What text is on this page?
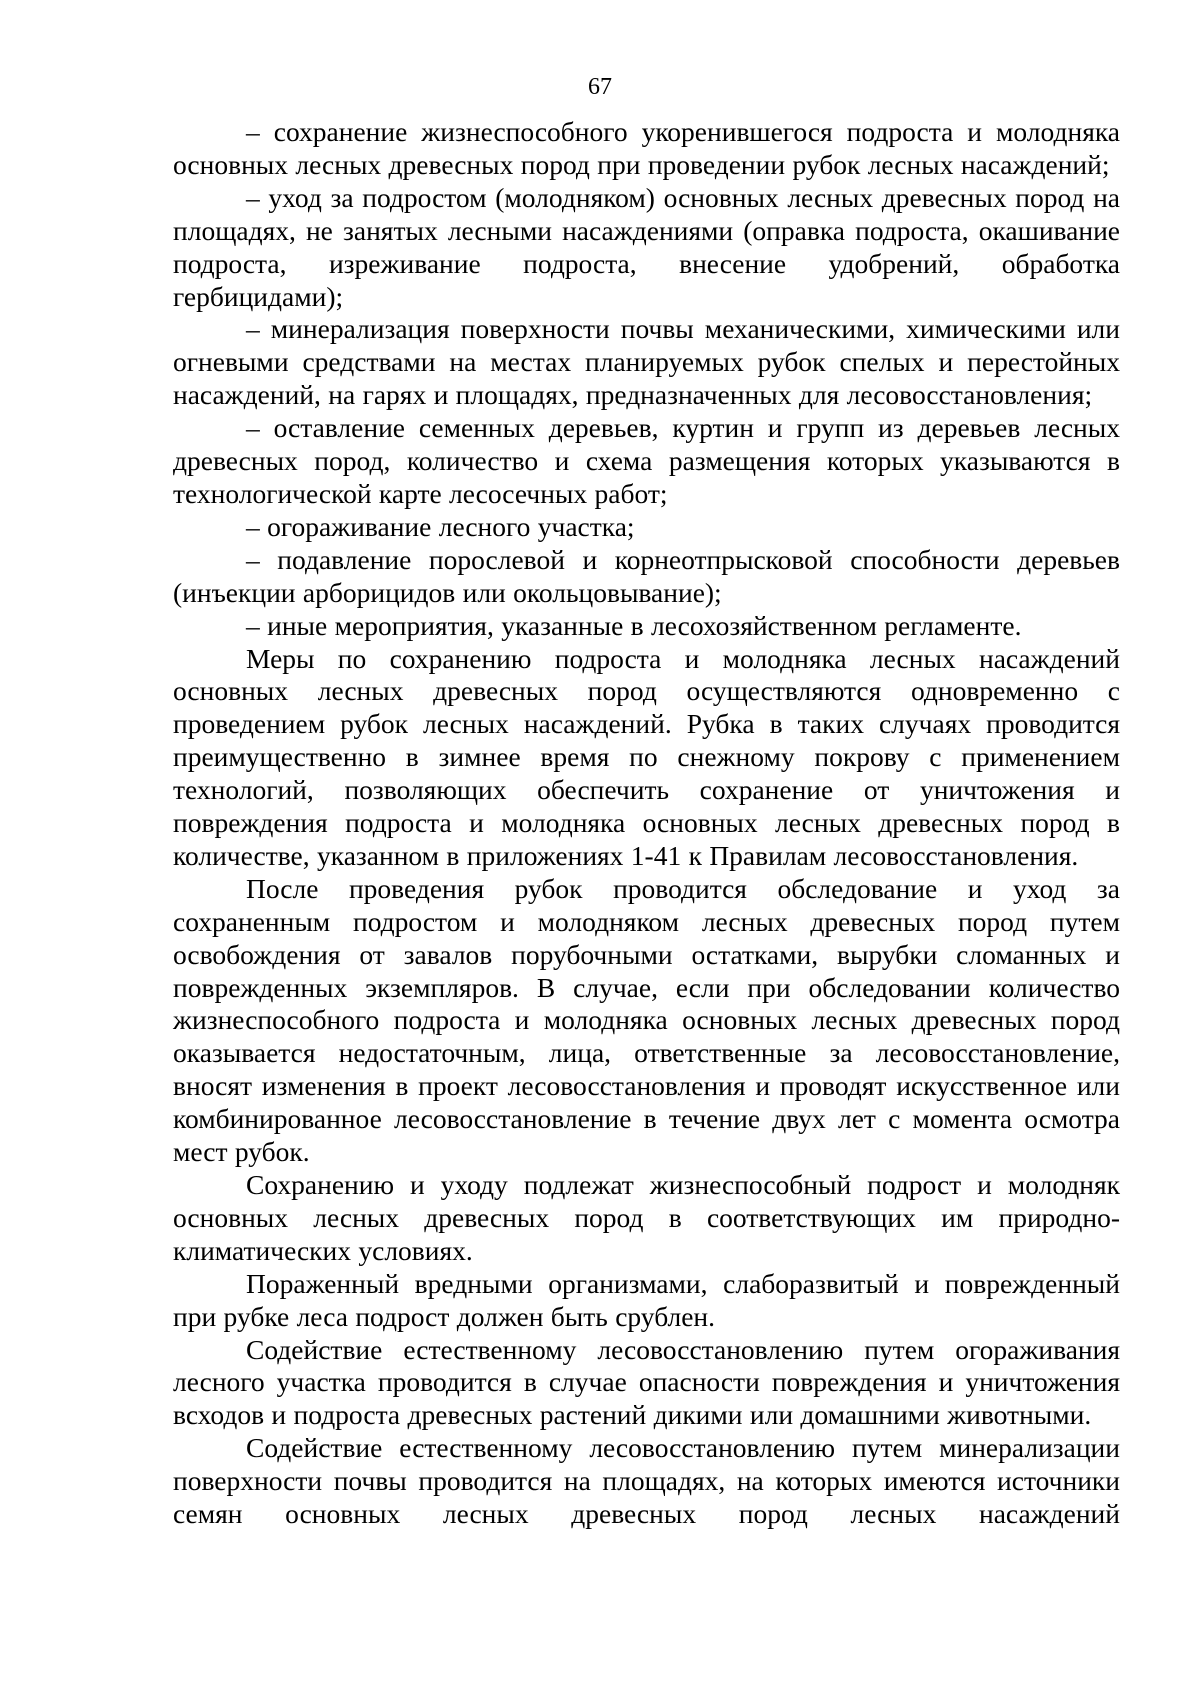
67

– сохранение жизнеспособного укоренившегося подроста и молодняка основных лесных древесных пород при проведении рубок лесных насаждений;

– уход за подростом (молодняком) основных лесных древесных пород на площадях, не занятых лесными насаждениями (оправка подроста, окашивание подроста, изреживание подроста, внесение удобрений, обработка гербицидами);

– минерализация поверхности почвы механическими, химическими или огневыми средствами на местах планируемых рубок спелых и перестойных насаждений, на гарях и площадях, предназначенных для лесовосстановления;

– оставление семенных деревьев, куртин и групп из деревьев лесных древесных пород, количество и схема размещения которых указываются в технологической карте лесосечных работ;

– огораживание лесного участка;

– подавление порослевой и корнеотпрысковой способности деревьев (инъекции арборицидов или окольцовывание);

– иные мероприятия, указанные в лесохозяйственном регламенте.

Меры по сохранению подроста и молодняка лесных насаждений основных лесных древесных пород осуществляются одновременно с проведением рубок лесных насаждений. Рубка в таких случаях проводится преимущественно в зимнее время по снежному покрову с применением технологий, позволяющих обеспечить сохранение от уничтожения и повреждения подроста и молодняка основных лесных древесных пород в количестве, указанном в приложениях 1-41 к Правилам лесовосстановления.

После проведения рубок проводится обследование и уход за сохраненным подростом и молодняком лесных древесных пород путем освобождения от завалов порубочными остатками, вырубки сломанных и поврежденных экземпляров. В случае, если при обследовании количество жизнеспособного подроста и молодняка основных лесных древесных пород оказывается недостаточным, лица, ответственные за лесовосстановление, вносят изменения в проект лесовосстановления и проводят искусственное или комбинированное лесовосстановление в течение двух лет с момента осмотра мест рубок.

Сохранению и уходу подлежат жизнеспособный подрост и молодняк основных лесных древесных пород в соответствующих им природно-климатических условиях.

Пораженный вредными организмами, слаборазвитый и поврежденный при рубке леса подрост должен быть срублен.

Содействие естественному лесовосстановлению путем огораживания лесного участка проводится в случае опасности повреждения и уничтожения всходов и подроста древесных растений дикими или домашними животными.

Содействие естественному лесовосстановлению путем минерализации поверхности почвы проводится на площадях, на которых имеются источники семян основных лесных древесных пород лесных насаждений
